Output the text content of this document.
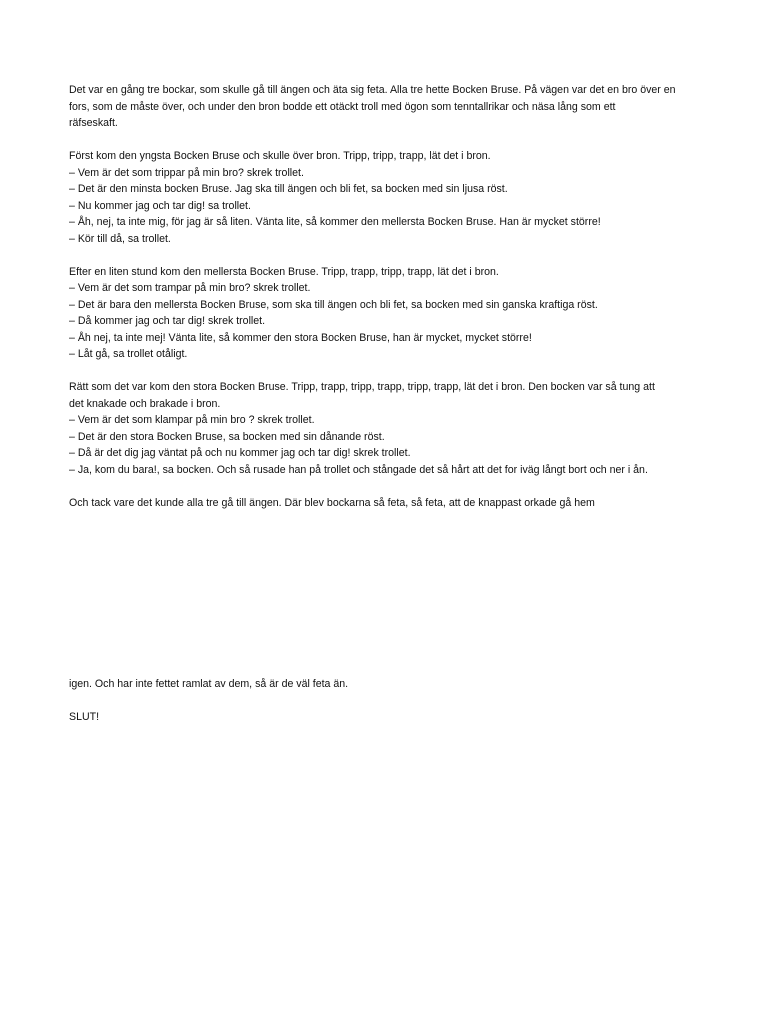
Det var en gång tre bockar, som skulle gå till ängen och äta sig feta. Alla tre hette Bocken Bruse. På vägen var det en bro över en
fors, som de måste över, och under den bron bodde ett otäckt troll med ögon som tenntallrikar och näsa lång som ett
räfseskaft.

Först kom den yngsta Bocken Bruse och skulle över bron. Tripp, tripp, trapp, lät det i bron.
– Vem är det som trippar på min bro? skrek trollet.
– Det är den minsta bocken Bruse. Jag ska till ängen och bli fet, sa bocken med sin ljusa röst.
– Nu kommer jag och tar dig! sa trollet.
– Åh, nej, ta inte mig, för jag är så liten. Vänta lite, så kommer den mellersta Bocken Bruse. Han är mycket större!
– Kör till då, sa trollet.

Efter en liten stund kom den mellersta Bocken Bruse. Tripp, trapp, tripp, trapp, lät det i bron.
– Vem är det som trampar på min bro? skrek trollet.
– Det är bara den mellersta Bocken Bruse, som ska till ängen och bli fet, sa bocken med sin ganska kraftiga röst.
– Då kommer jag och tar dig! skrek trollet.
– Åh nej, ta inte mej! Vänta lite, så kommer den stora Bocken Bruse, han är mycket, mycket större!
– Låt gå, sa trollet otåligt.

Rätt som det var kom den stora Bocken Bruse. Tripp, trapp, tripp, trapp, tripp, trapp, lät det i bron. Den bocken var så tung att
det knakade och brakade i bron.
– Vem är det som klampar på min bro ? skrek trollet.
– Det är den stora Bocken Bruse, sa bocken med sin dånande röst.
– Då är det dig jag väntat på och nu kommer jag och tar dig! skrek trollet.
– Ja, kom du bara!, sa bocken. Och så rusade han på trollet och stångade det så hårt att det for iväg långt bort och ner i ån.

Och tack vare det kunde alla tre gå till ängen. Där blev bockarna så feta, så feta, att de knappast orkade gå hem

igen. Och har inte fettet ramlat av dem, så är de väl feta än.

SLUT!
